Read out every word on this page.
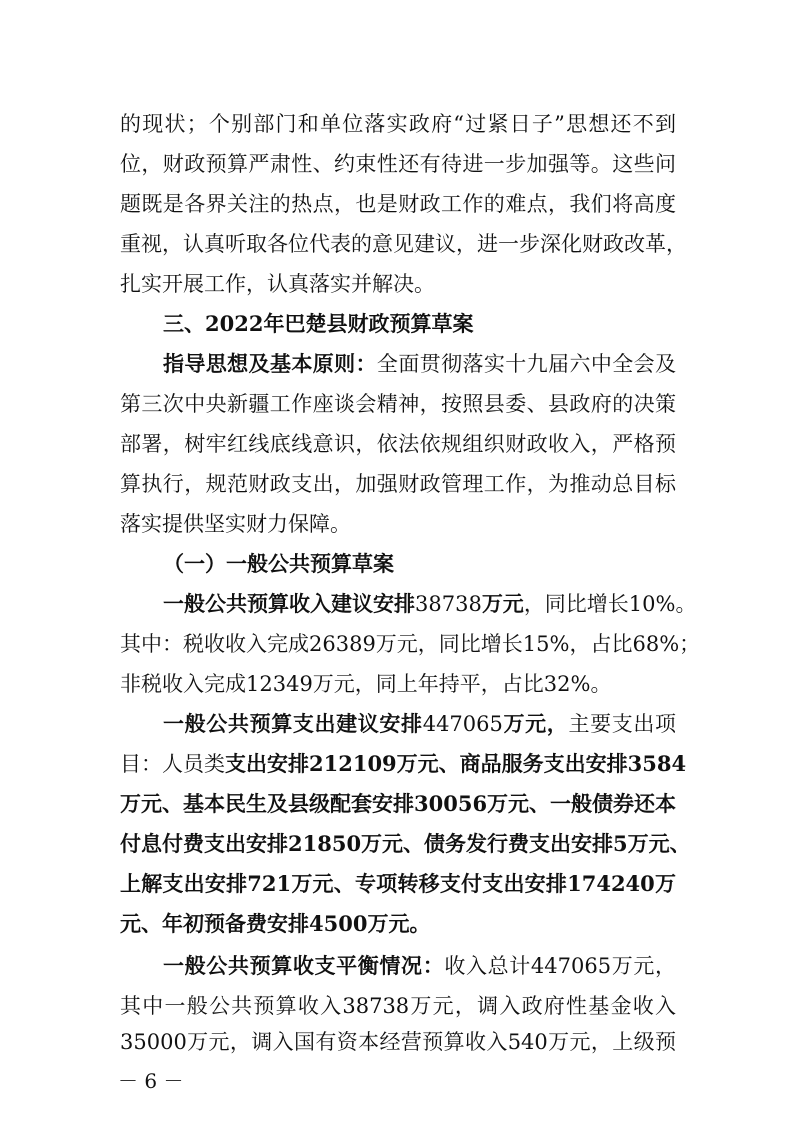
的现状；个别部门和单位落实政府“过紧日子”思想还不到
位，财政预算严肃性、约束性还有待进一步加强等。这些问
题既是各界关注的热点，也是财政工作的难点，我们将高度
重视，认真听取各位代表的意见建议，进一步深化财政改革，
扎实开展工作，认真落实并解决。
三、2022年巴楚县财政预算草案
指导思想及基本原则：全面贯彻落实十九届六中全会及
第三次中央新疆工作座谈会精神，按照县委、县政府的决策
部署，树牢红线底线意识，依法依规组织财政收入，严格预
算执行，规范财政支出，加强财政管理工作，为推动总目标
落实提供坚实财力保障。
（一）一般公共预算草案
一般公共预算收入建议安排38738万元，同比增长10%。
其中：税收收入完成26389万元，同比增长15%，占比68%；
非税收入完成12349万元，同上年持平，占比32%。
一般公共预算支出建议安排447065万元，主要支出项
目：人员类支出安排212109万元、商品服务支出安排3584
万元、基本民生及县级配套安排30056万元、一般债券还本
付息付费支出安排21850万元、债务发行费支出安排5万元、
上解支出安排721万元、专项转移支付支出安排174240万
元、年初预备费安排4500万元。
一般公共预算收支平衡情况：收入总计447065万元，
其中一般公共预算收入38738万元，调入政府性基金收入
－ 6 －
35000万元，调入国有资本经营预算收入540万元，上级预
